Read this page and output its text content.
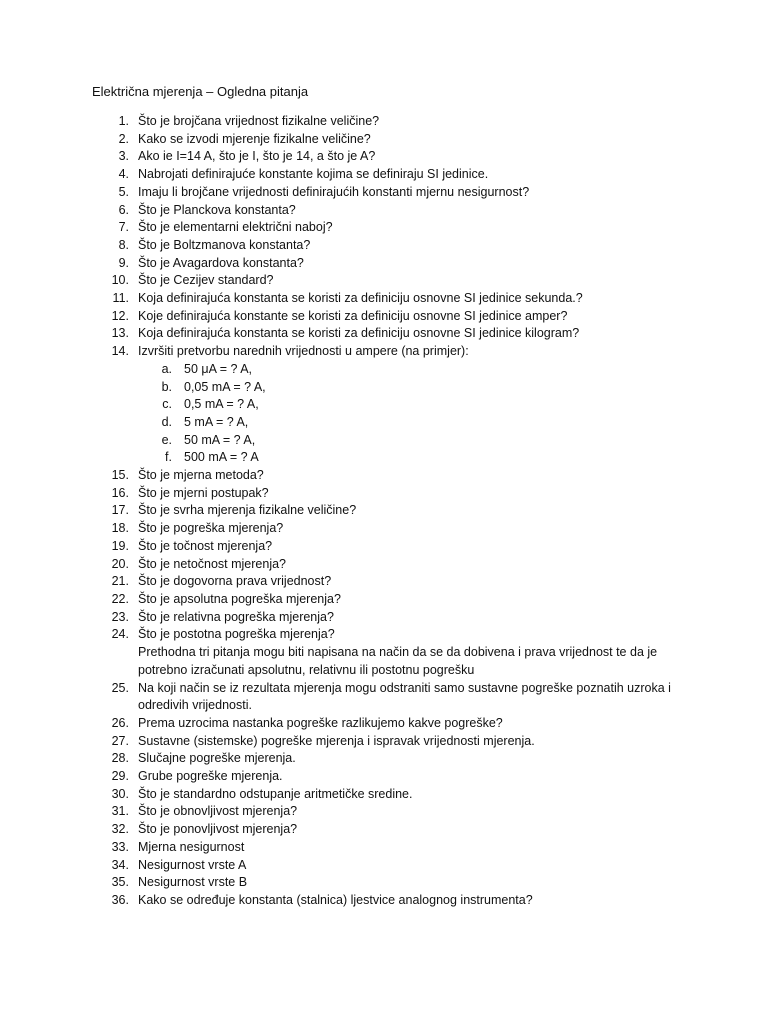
Električna mjerenja – Ogledna pitanja
1. Što je brojčana vrijednost fizikalne veličine?
2. Kako se izvodi mjerenje fizikalne veličine?
3. Ako ie I=14 A, što je I, što je 14, a što je A?
4. Nabrojati definirajuće konstante kojima se definiraju SI jedinice.
5. Imaju li brojčane vrijednosti definirajućih konstanti mjernu nesigurnost?
6. Što je Planckova konstanta?
7. Što je elementarni električni naboj?
8. Što je Boltzmanova konstanta?
9. Što je Avagardova konstanta?
10. Što je Cezijev standard?
11. Koja definirajuća konstanta se koristi za definiciju osnovne SI jedinice sekunda.?
12. Koje definirajuća konstante se koristi za definiciju osnovne SI jedinice amper?
13. Koja definirajuća konstanta se koristi za definiciju osnovne SI jedinice kilogram?
14. Izvršiti pretvorbu narednih vrijednosti u ampere (na primjer):
a. 50 μA = ? A,
b. 0,05 mA = ? A,
c. 0,5 mA = ? A,
d. 5 mA = ? A,
e. 50 mA = ? A,
f. 500 mA = ? A
15. Što je mjerna metoda?
16. Što je mjerni postupak?
17. Što je svrha mjerenja fizikalne veličine?
18. Što je pogreška mjerenja?
19. Što je točnost mjerenja?
20. Što je netočnost mjerenja?
21. Što je dogovorna prava vrijednost?
22. Što je apsolutna pogreška mjerenja?
23. Što je relativna pogreška mjerenja?
24. Što je postotna pogreška mjerenja?
Prethodna tri pitanja mogu biti napisana na način da se da dobivena i prava vrijednost te da je potrebno izračunati apsolutnu, relativnu ili postotnu pogrešku
25. Na koji način se iz rezultata mjerenja mogu odstraniti samo sustavne pogreške poznatih uzroka i odredivih vrijednosti.
26. Prema uzrocima nastanka pogreške razlikujemo kakve pogreške?
27. Sustavne (sistemske) pogreške mjerenja i ispravak vrijednosti mjerenja.
28. Slučajne pogreške mjerenja.
29. Grube pogreške mjerenja.
30. Što je standardno odstupanje aritmetičke sredine.
31. Što je obnovljivost mjerenja?
32. Što je ponovljivost mjerenja?
33. Mjerna nesigurnost
34. Nesigurnost vrste A
35. Nesigurnost vrste B
36. Kako se određuje konstanta (stalnica) ljestvice analognog instrumenta?
